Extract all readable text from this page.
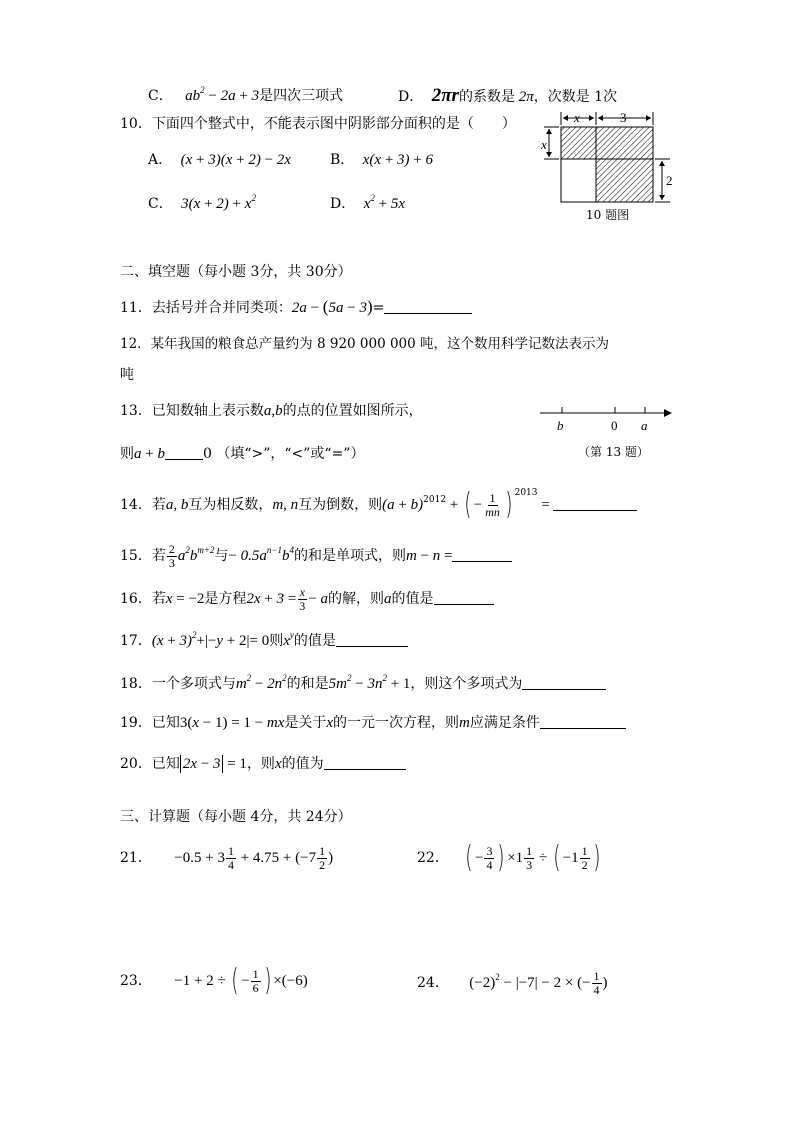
C． $ab^2 - 2a + 3$是四次三项式	D． 2πr的系数是 2π，次数是 1次
10．下面四个整式中，不能表示图中阴影部分面积的是（　　）
A． (x + 3)(x + 2) − 2x	B． x(x + 3) + 6
C． $3(x + 2) + x^2$	D． $x^2 + 5x$
x	3
x
2
10 题图
二、填空题（每小题 3分，共 30分）
11．去括号并合并同类项：2a − (5a − 3)=
12．某年我国的粮食总产量约为 8 920 000 000 吨，这个数用科学记数法表示为
吨
13．已知数轴上表示数a,b的点的位置如图所示，
则a + b	0 （填“>”，“<”或“=”）
b	0 a
（第 13 题）
14．若a, b互为相反数，m, n互为倒数，则$(a + b)^{2012}$ + ( − $\frac{1}{mn}$ ) $^{2013}$ =
15．若 $\frac{2}{3} a^2b^{m+2}$与− $0.5a^{n-1}b^4$的和是单项式，则m − n =
16．若x = −2是方程$2x + 3 = \frac{x}{3} - a$的解，则a的值是
17．$(x + 3)^2+|-y + 2|= 0$则$x^y$的值是
18．一个多项式与$m^2 - 2n^2$的和是$5m^2 - 3n^2 + 1$，则这个多项式为
19．已知3(x − 1) = 1 − mx是关于x的一元一次方程，则m应满足条件
20．已知 2x − 3 = 1，则x的值为
三、计算题（每小题 4分，共 24分）
21． $-0.5 + 3 \frac{1}{4} + 4.75 + (-7 \frac{1}{2}$ )	22． ( − $\frac{3}{4}$ ) $\times 1 \frac{1}{3}$ ÷ ( $-1 \frac{1}{2}$ )
23． −1 + 2 ÷ ( − $\frac{1}{6}$ ) ×(−6)	24． $(-2)^2 - |-7| - 2$ × (− $\frac{1}{4}$ )
